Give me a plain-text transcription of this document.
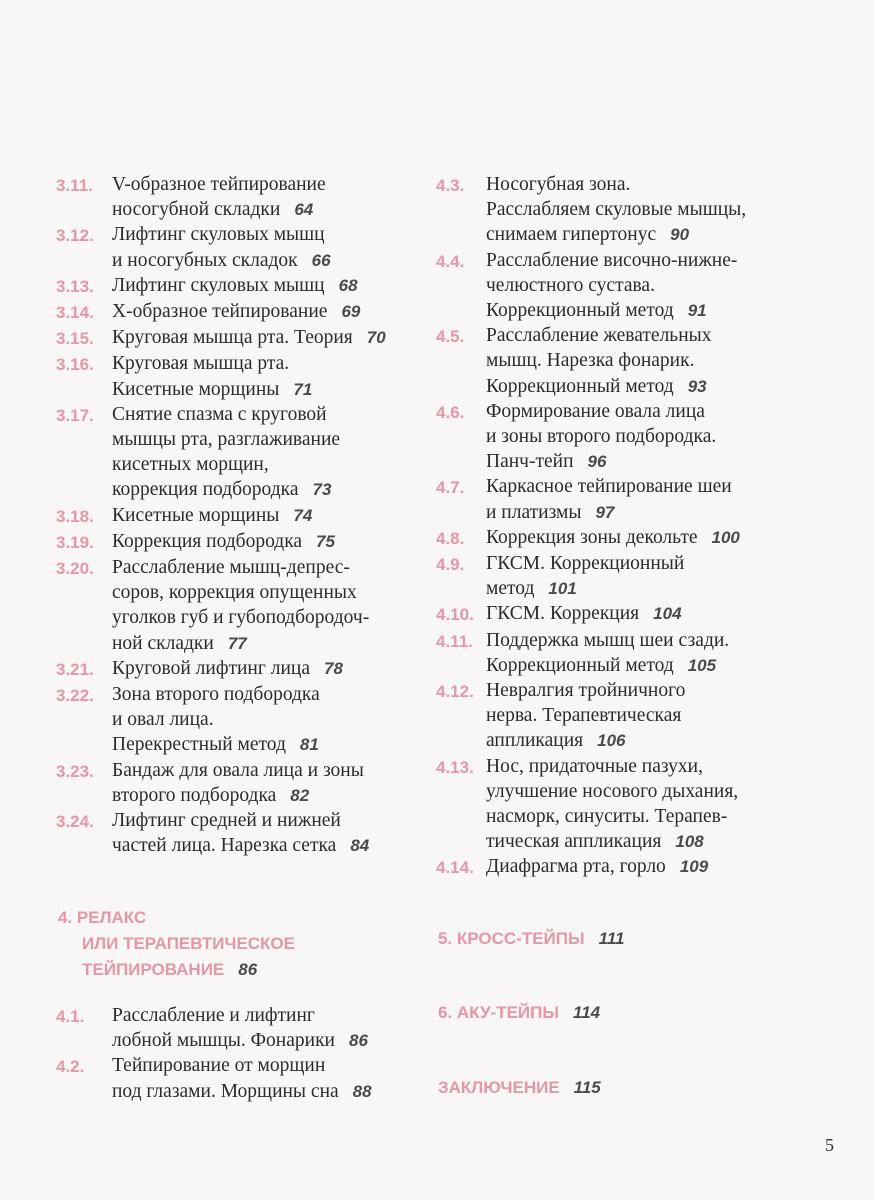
3.11. V-образное тейпирование
носогубной складки 64
3.12. Лифтинг скуловых мышц
и носогубных складок 66
3.13. Лифтинг скуловых мышц 68
3.14. Х-образное тейпирование 69
3.15. Круговая мышца рта. Теория 70
3.16. Круговая мышца рта.
Кисетные морщины 71
3.17. Снятие спазма с круговой
мышцы рта, разглаживание
кисетных морщин,
коррекция подбородка 73
3.18. Кисетные морщины 74
3.19. Коррекция подбородка 75
3.20. Расслабление мышц-депрес-
соров, коррекция опущенных
уголков губ и губоподбородоч-
ной складки 77
3.21. Круговой лифтинг лица 78
3.22. Зона второго подбородка
и овал лица.
Перекрестный метод 81
3.23. Бандаж для овала лица и зоны
второго подбородка 82
3.24. Лифтинг средней и нижней
частей лица. Нарезка сетка 84
4. РЕЛАКС
ИЛИ ТЕРАПЕВТИЧЕСКОЕ
ТЕЙПИРОВАНИЕ 86
4.1.	Расслабление и лифтинг
лобной мышцы. Фонарики 86
4.2.	Тейпирование от морщин
под глазами. Морщины сна 88
4.3.	Носогубная зона.
Расслабляем скуловые мышцы,
снимаем гипертонус 90
4.4.	Расслабление височно-нижне-
челюстного сустава.
Коррекционный метод 91
4.5.	Расслабление жевательных
мышц. Нарезка фонарик.
Коррекционный метод 93
4.6.	Формирование овала лица
и зоны второго подбородка.
Панч-тейп 96
4.7.	Каркасное тейпирование шеи
и платизмы 97
4.8.	Коррекция зоны декольте 100
4.9.	ГКСМ. Коррекционный
метод 101
4.10. ГКСМ. Коррекция 104
4.11. Поддержка мышц шеи сзади.
Коррекционный метод 105
4.12. Невралгия тройничного
нерва. Терапевтическая
аппликация 106
4.13. Нос, придаточные пазухи,
улучшение носового дыхания,
насморк, синуситы. Терапев-
тическая аппликация 108
4.14. Диафрагма рта, горло 109
5. КРОСС-ТЕЙПЫ 111
6. АКУ-ТЕЙПЫ 114
ЗАКЛЮЧЕНИЕ 115
5
